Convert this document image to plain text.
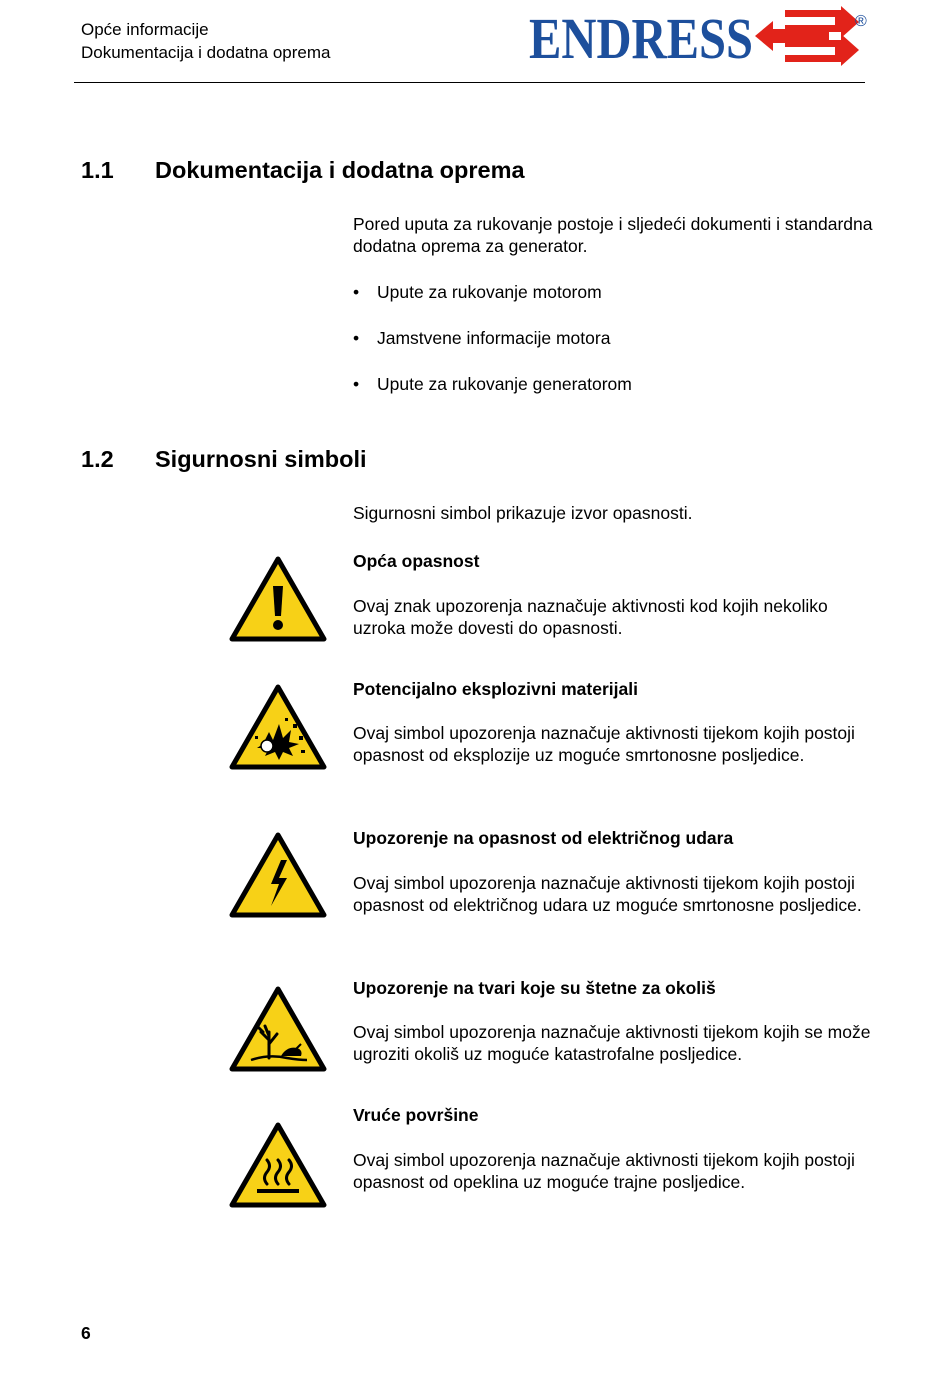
Opće informacije
Dokumentacija i dodatna oprema	ENDRESS	®
1.1 Dokumentacija i dodatna oprema
Pored uputa za rukovanje postoje i sljedeći dokumenti i standardna dodatna oprema za generator.
• Upute za rukovanje motorom
• Jamstvene informacije motora
• Upute za rukovanje generatorom
1.2 Sigurnosni simboli
Sigurnosni simbol prikazuje izvor opasnosti.
Opća opasnost
Ovaj znak upozorenja naznačuje aktivnosti kod kojih nekoliko uzroka može dovesti do opasnosti.
Potencijalno eksplozivni materijali
Ovaj simbol upozorenja naznačuje aktivnosti tijekom kojih postoji opasnost od eksplozije uz moguće smrtonosne posljedice.
Upozorenje na opasnost od električnog udara
Ovaj simbol upozorenja naznačuje aktivnosti tijekom kojih postoji opasnost od električnog udara uz moguće smrtonosne posljedice.
Upozorenje na tvari koje su štetne za okoliš
Ovaj simbol upozorenja naznačuje aktivnosti tijekom kojih se može ugroziti okoliš uz moguće katastrofalne posljedice.
Vruće površine
Ovaj simbol upozorenja naznačuje aktivnosti tijekom kojih postoji opasnost od opeklina uz moguće trajne posljedice.
6
